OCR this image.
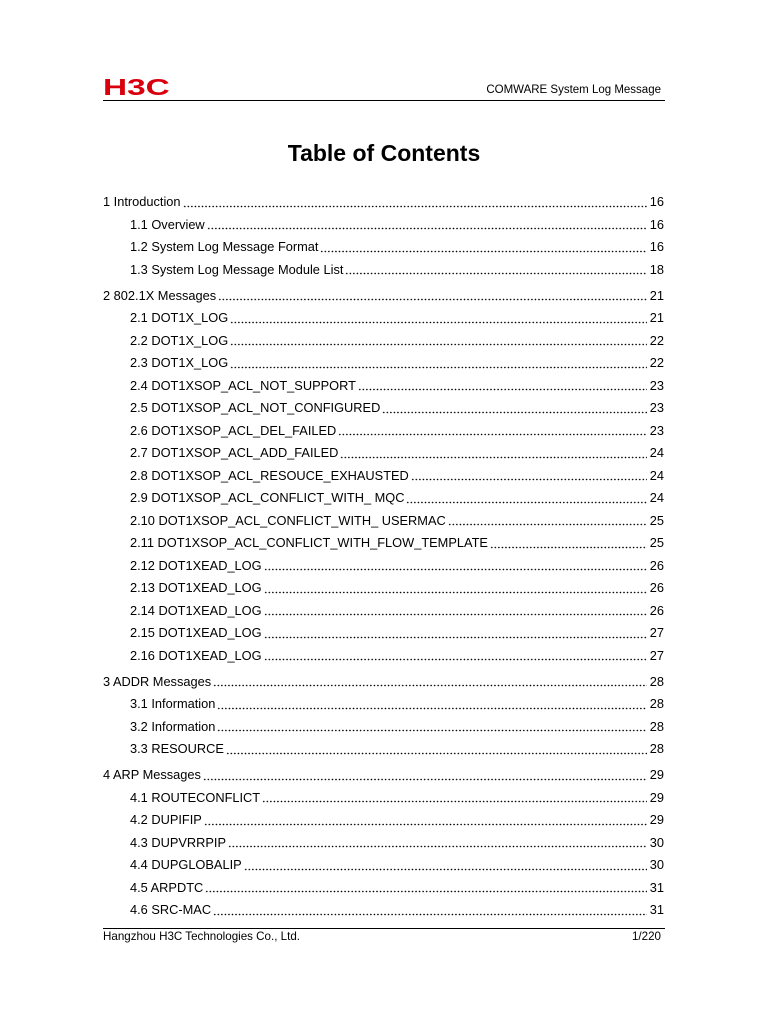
H3C	COMWARE System Log Message
Table of Contents
1 Introduction	16
1.1 Overview	16
1.2 System Log Message Format	16
1.3 System Log Message Module List	18
2 802.1X Messages	21
2.1 DOT1X_LOG	21
2.2 DOT1X_LOG	22
2.3 DOT1X_LOG	22
2.4 DOT1XSOP_ACL_NOT_SUPPORT	23
2.5 DOT1XSOP_ACL_NOT_CONFIGURED	23
2.6 DOT1XSOP_ACL_DEL_FAILED	23
2.7 DOT1XSOP_ACL_ADD_FAILED	24
2.8 DOT1XSOP_ACL_RESOUCE_EXHAUSTED	24
2.9 DOT1XSOP_ACL_CONFLICT_WITH_ MQC	24
2.10 DOT1XSOP_ACL_CONFLICT_WITH_ USERMAC	25
2.11 DOT1XSOP_ACL_CONFLICT_WITH_FLOW_TEMPLATE	25
2.12 DOT1XEAD_LOG	26
2.13 DOT1XEAD_LOG	26
2.14 DOT1XEAD_LOG	26
2.15 DOT1XEAD_LOG	27
2.16 DOT1XEAD_LOG	27
3 ADDR Messages	28
3.1 Information	28
3.2 Information	28
3.3 RESOURCE	28
4 ARP Messages	29
4.1 ROUTECONFLICT	29
4.2 DUPIFIP	29
4.3 DUPVRRPIP	30
4.4 DUPGLOBALIP	30
4.5 ARPDTC	31
4.6 SRC-MAC	31
Hangzhou H3C Technologies Co., Ltd.	1/220
